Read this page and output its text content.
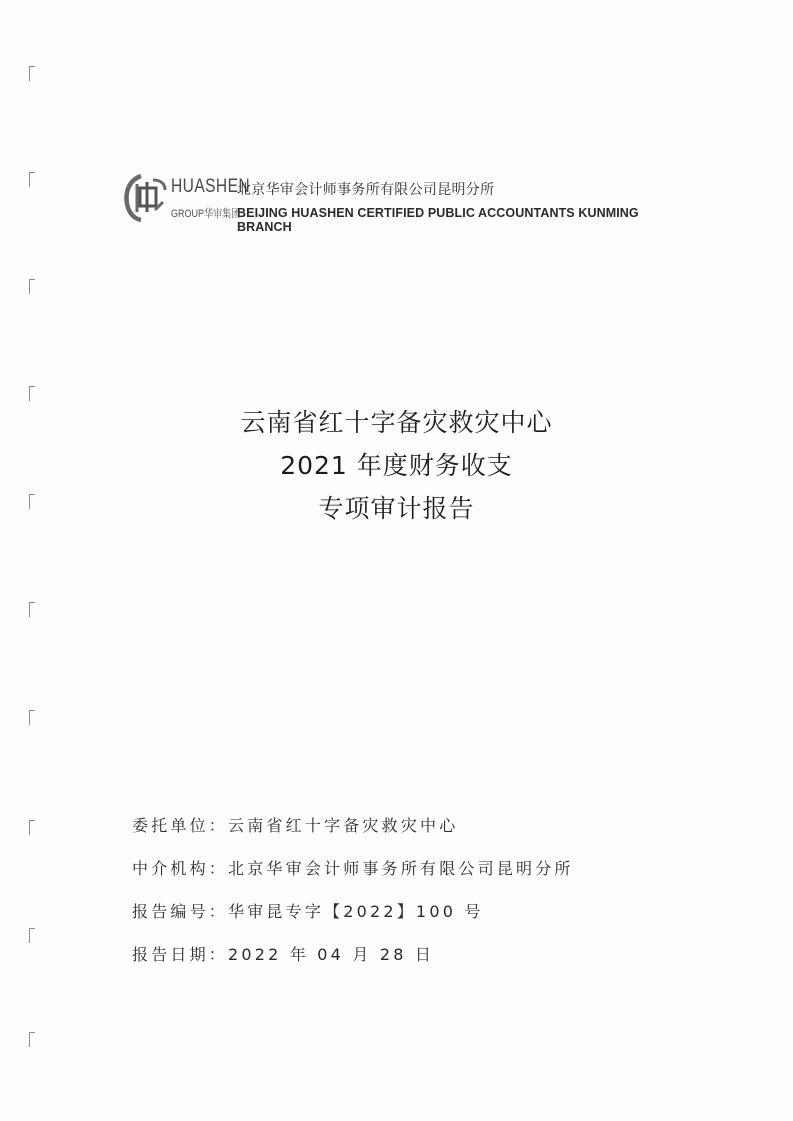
HUASHEN
GROUP华审集团
北京华审会计师事务所有限公司昆明分所
BEIJING HUASHEN CERTIFIED PUBLIC ACCOUNTANTS KUNMING BRANCH
云南省红十字备灾救灾中心
2021 年度财务收支
专项审计报告
委托单位：云南省红十字备灾救灾中心
中介机构：北京华审会计师事务所有限公司昆明分所
报告编号：华审昆专字【2022】100 号
报告日期：2022 年 04 月 28 日
